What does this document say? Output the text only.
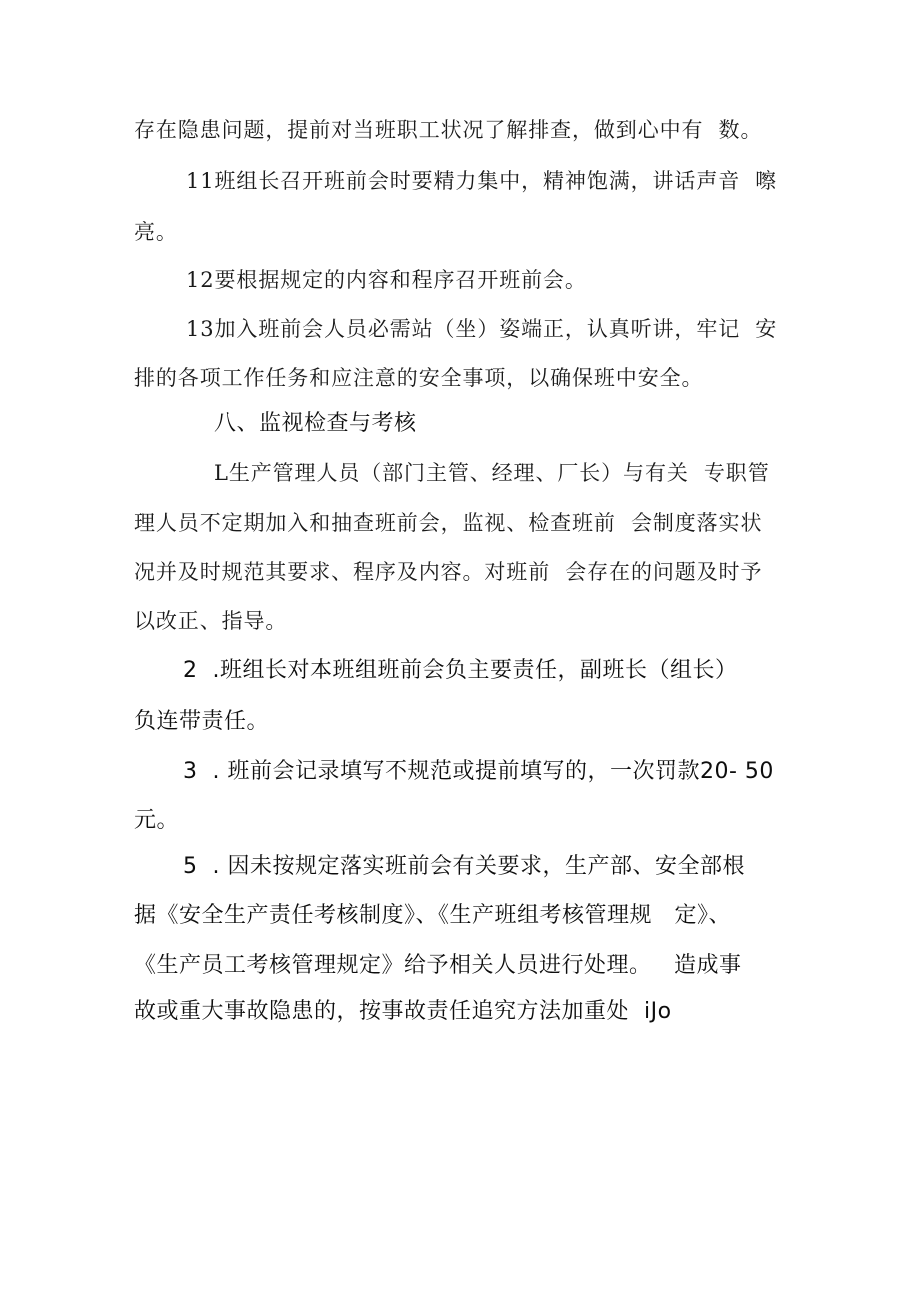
存在隐患问题，提前对当班职工状况了解排查，做到心中有  数。
11班组长召开班前会时要精力集中，精神饱满，讲话声音  嚓
亮。
12要根据规定的内容和程序召开班前会。
13加入班前会人员必需站（坐）姿端正，认真听讲，牢记  安
排的各项工作任务和应注意的安全事项，以确保班中安全。
八、监视检查与考核
L生产管理人员（部门主管、经理、厂长）与有关  专职管
理人员不定期加入和抽查班前会，监视、检查班前  会制度落实状
况并及时规范其要求、程序及内容。对班前  会存在的问题及时予
以改正、指导。
2  .班组长对本班组班前会负主要责任，副班长（组长）
负连带责任。
3  . 班前会记录填写不规范或提前填写的，一次罚款20- 50
元。
5  . 因未按规定落实班前会有关要求，生产部、安全部根
据《安全生产责任考核制度》、《生产班组考核管理规   定》、
《生产员工考核管理规定》给予相关人员进行处理。   造成事
故或重大事故隐患的，按事故责任追究方法加重处  iJo
